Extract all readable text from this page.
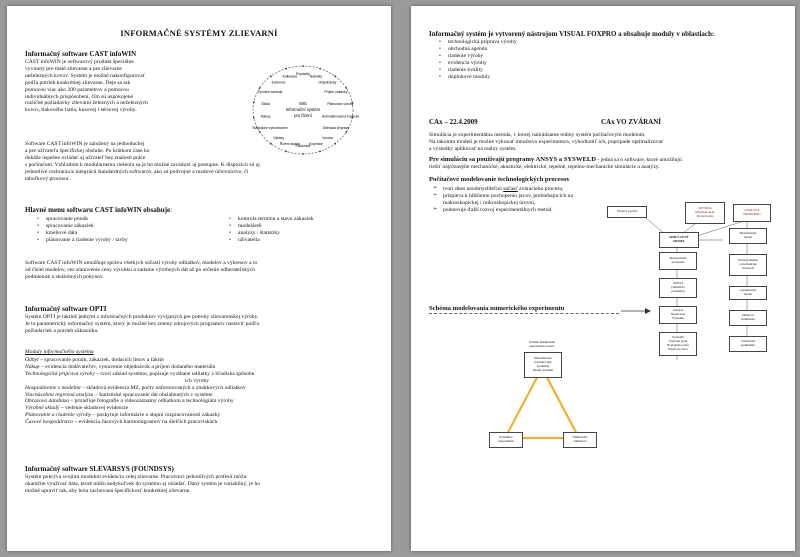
INFORMAČNÉ SYSTÉMY ZLIEVARNÍ
Informačný software CAST infoWIN
CAST infoWIN je softwarový produkt špeciálne
vyvinutý pre malé zlievarne a pre zlievarne
neželezných kovov. Systém je možné nakonfigurovať
podľa potrieb konkrétnej zlievarne. Deje sa tak
pomocou viac ako 200 parametrov a pomocou
individuálnych prispôsobení, čím sú uspokojené
rozličné požiadavky zlievarní železných a neželezných
kovov, tlakového liatia, kusovej i sériovej výroby.
Poptávky
Nabídky
Objednávky
Příjem zakázky
Plánování výroby
Automatizovaná kontrola
Dílenská příprava
Výroba
Expedice
Fakturace
Řízení skladu
Výkazy
Statistické vyhodnocení
Nákup
Sklad
Výrobní nástroje
Evidence
Kalkulace
MIS
Informační systém
pro řízení
Software CAST infoWIN je založený na jednoduchej
a pre užívateľa špecifickej obsluhe. Po krátkom čase ho
dokáže úspešne ovládať aj užívateľ bez znalosti práce
s počítačom. Vzhľadom k modulárnemu riešeniu sa je ho možné zavádzať aj postupne. K dispozícii sú aj
jednotlivé rozhrania k integrácii štandardných softwarov, ako sú podvojné a mzdové účtovníctvo, či
tabuľkový procesor.
Hlavné menu softwaru CAST infoWIN obsahuje:
• spracovanie ponúk
• spracovanie zákaziek
• kmeňové dáta
• plánovanie a riadenie výroby / tavby
• kontrola termínu a stavu zákaziek
• modeláreň
• analýzy / štatistiky
• užívatelia
Software CAST infoWIN umožňuje správu všetkých súčastí výroby odliatkov, modelov a výkresov a to
od čísiel modelov, cez stanovenie ceny výrobku a zadanie výrobných dát až po určenie odberateľských
podmienok a skúšobných pokynov.
Informačný software OPTI
Systém OPTI je taktiež jedným z informačných produktov vyvíjaných pre potreby zlievarenskej výroby.
Je to parametrický informačný systém, ktorý je možné bez zmeny zdrojových programov nastaviť podľa
požiadaviek a potrieb zákazníka.
Moduly informačného systému
Odbyt – spracovanie ponúk, zákaziek, dodacích listov a faktúr
Nákup – evidencia dodávateľov, vystavenie objednávok a príjem dodaného materiálu
Technologická príprava výroby – tvorí základ systému, popisuje vyrábané odliatky z hľadiska spôsobu
ich výroby
Hospodárenie s modelmi – skladová evidencia MZ, počty naformovaných a zmätkových odliatkov
Viacnásobná regresná analýza – štatistické spracovanie dát obsiahnutých v systéme
Obrazová databáza – priraďuje fotografie a videozáznamy odliatkom a technológiám výroby
Výrobné skladý – vedenie skladovej evidencie
Plánovanie a riadenie výroby – poskytuje informácie o stupni rozpracovanosti zákazky
Časové hospodárstvo – evidencia časových harmonogramov na dielčích pracoviskách
Informačný software SLEVARSYS (FOUNDSYS)
Systém pokrýva svojimi modulmi evidenciu celej zlievarne. Pracovníci jednotlivých profesií môžu
okamžite využívať dáta, ktoré môžu kedykoľvek do systému aj vkladať. Daný systém je variabilný, je ho
možné upraviť tak, aby bola zachovaná špecifickosť konkrétnej zlievarne.
Informačný systém je vytvorený nástrojom VISUAL FOXPRO a obsahuje moduly v oblastiach:
• technologická príprava výroby
• obchodná agenda
• riadenie výroby
• evidencia výroby
• riadenie kvality
• doplnkové moduly
CAx – 22.4.2009	CAx VO ZVÁRANÍ
Simulácia je experimentálna metóda, v ktorej nahrádzame reálny systém počítačovým modelom.
Na takomto modeli je možné vykonať množstvo experimentov, vyhodnotiť ich, popripade optimalizovať
a výsledky aplikovať na reálny systém.
Pre simuláciu sa používajú programy ANSYS a SYSWELD - jedná sa o software, ktoré umožňujú
riešiť najrôznejšie mechanické, akustické, elektrické, tepelné, tepelno-mechanické simulácie a analýzy.
Počítačové modelovanie technologických procesov
➢ tvorí dnes neodmysliteľnú súčasť zváracieho procesu,
➢ prispieva k hlbšiemu pochopeniu javov, prebiehajúcich na makroskopickej i mikroskopickej úrovni,
➢ podnecuje ďalší rozvoj experimentálnych metód.	Účelový počítač
METÓDA
Matematického
Modelovania
ANALÝZA
PROBLÉMU
SIMULAČNÝ
MODEL
Interpretačné
prostredie
ANSYS
(simulácia
problému)
Analýza
Nastavenia
Výsledku
Výsledky
Teplotné polia
Rozloženia polia
Napäťové stavy
Matematický
model
Termofyzikálne
a mechanické
vlastnosti
Geometrický
model
Okrajové
podmienky
Začiatočné
podmienky
Schéma modelovania numerického experimentu
Schéma ukážkového
usporiadania zvarov
Matematický
formulovaný
fyzikálny
model systému
Fyzikálny
experiment
Numerická
simulácia
